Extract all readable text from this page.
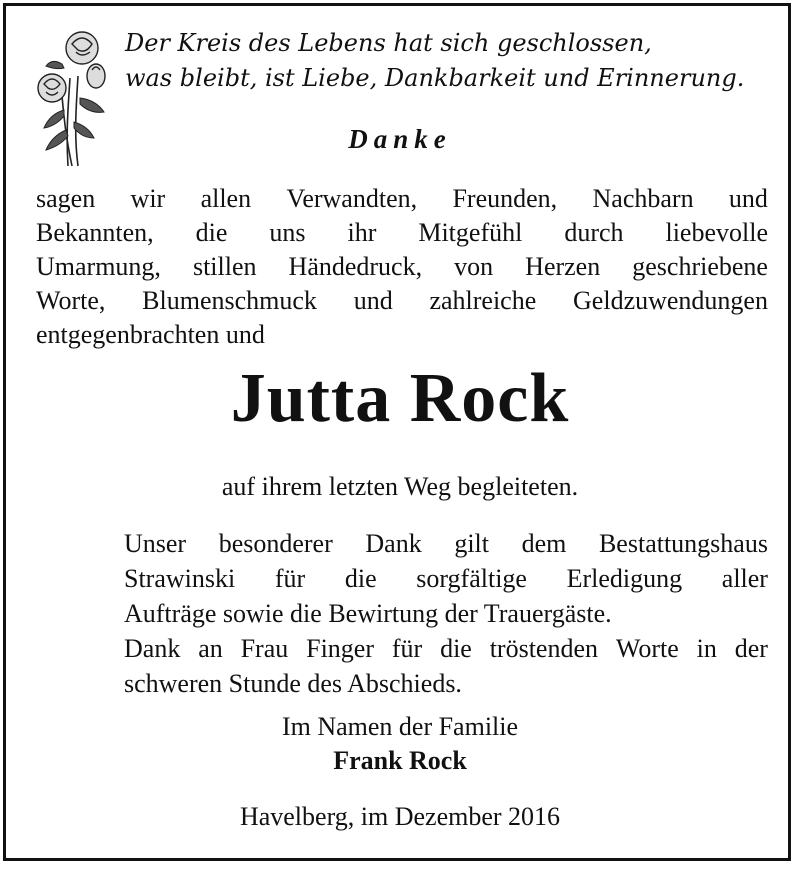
Der Kreis des Lebens hat sich geschlossen,
was bleibt, ist Liebe, Dankbarkeit und Erinnerung.
Danke
sagen wir allen Verwandten, Freunden, Nachbarn und
Bekannten, die uns ihr Mitgefühl durch liebevolle
Umarmung, stillen Händedruck, von Herzen geschriebene
Worte, Blumenschmuck und zahlreiche Geldzuwendungen
entgegenbrachten und
Jutta Rock
auf ihrem letzten Weg begleiteten.
Unser besonderer Dank gilt dem Bestattungshaus
Strawinski für die sorgfältige Erledigung aller
Aufträge sowie die Bewirtung der Trauergäste.
Dank an Frau Finger für die tröstenden Worte in der
schweren Stunde des Abschieds.
Im Namen der Familie
Frank Rock
Havelberg, im Dezember 2016
